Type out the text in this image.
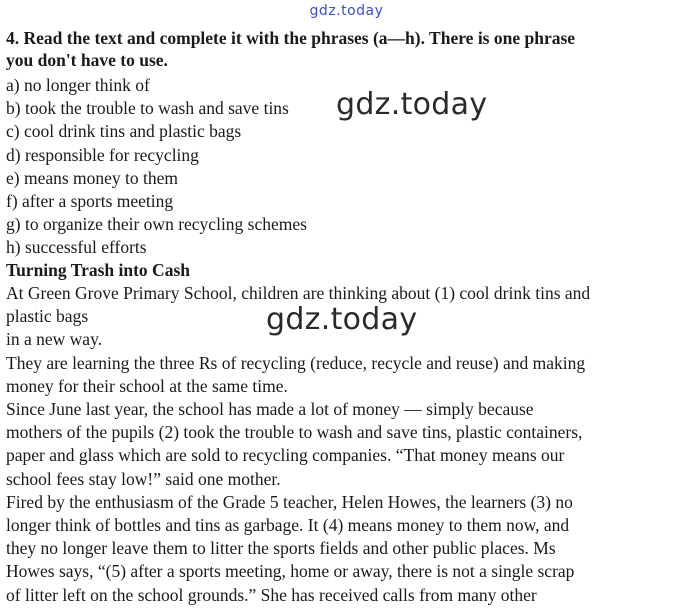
gdz.today
4. Read the text and complete it with the phrases (a—h). There is one phrase
you don't have to use.
a) no longer think of
b) took the trouble to wash and save tins
c) cool drink tins and plastic bags
d) responsible for recycling
e) means money to them
f) after a sports meeting
g) to organize their own recycling schemes
h) successful efforts
Turning Trash into Cash
At Green Grove Primary School, children are thinking about (1) cool drink tins and
plastic bags
in a new way.
They are learning the three Rs of recycling (reduce, recycle and reuse) and making
money for their school at the same time.
Since June last year, the school has made a lot of money — simply because
mothers of the pupils (2) took the trouble to wash and save tins, plastic containers,
paper and glass which are sold to recycling companies. “That money means our
school fees stay low!” said one mother.
Fired by the enthusiasm of the Grade 5 teacher, Helen Howes, the learners (3) no
longer think of bottles and tins as garbage. It (4) means money to them now, and
they no longer leave them to litter the sports fields and other public places. Ms
Howes says, “(5) after a sports meeting, home or away, there is not a single scrap
of litter left on the school grounds.” She has received calls from many other
gdz.today
gdz.today
